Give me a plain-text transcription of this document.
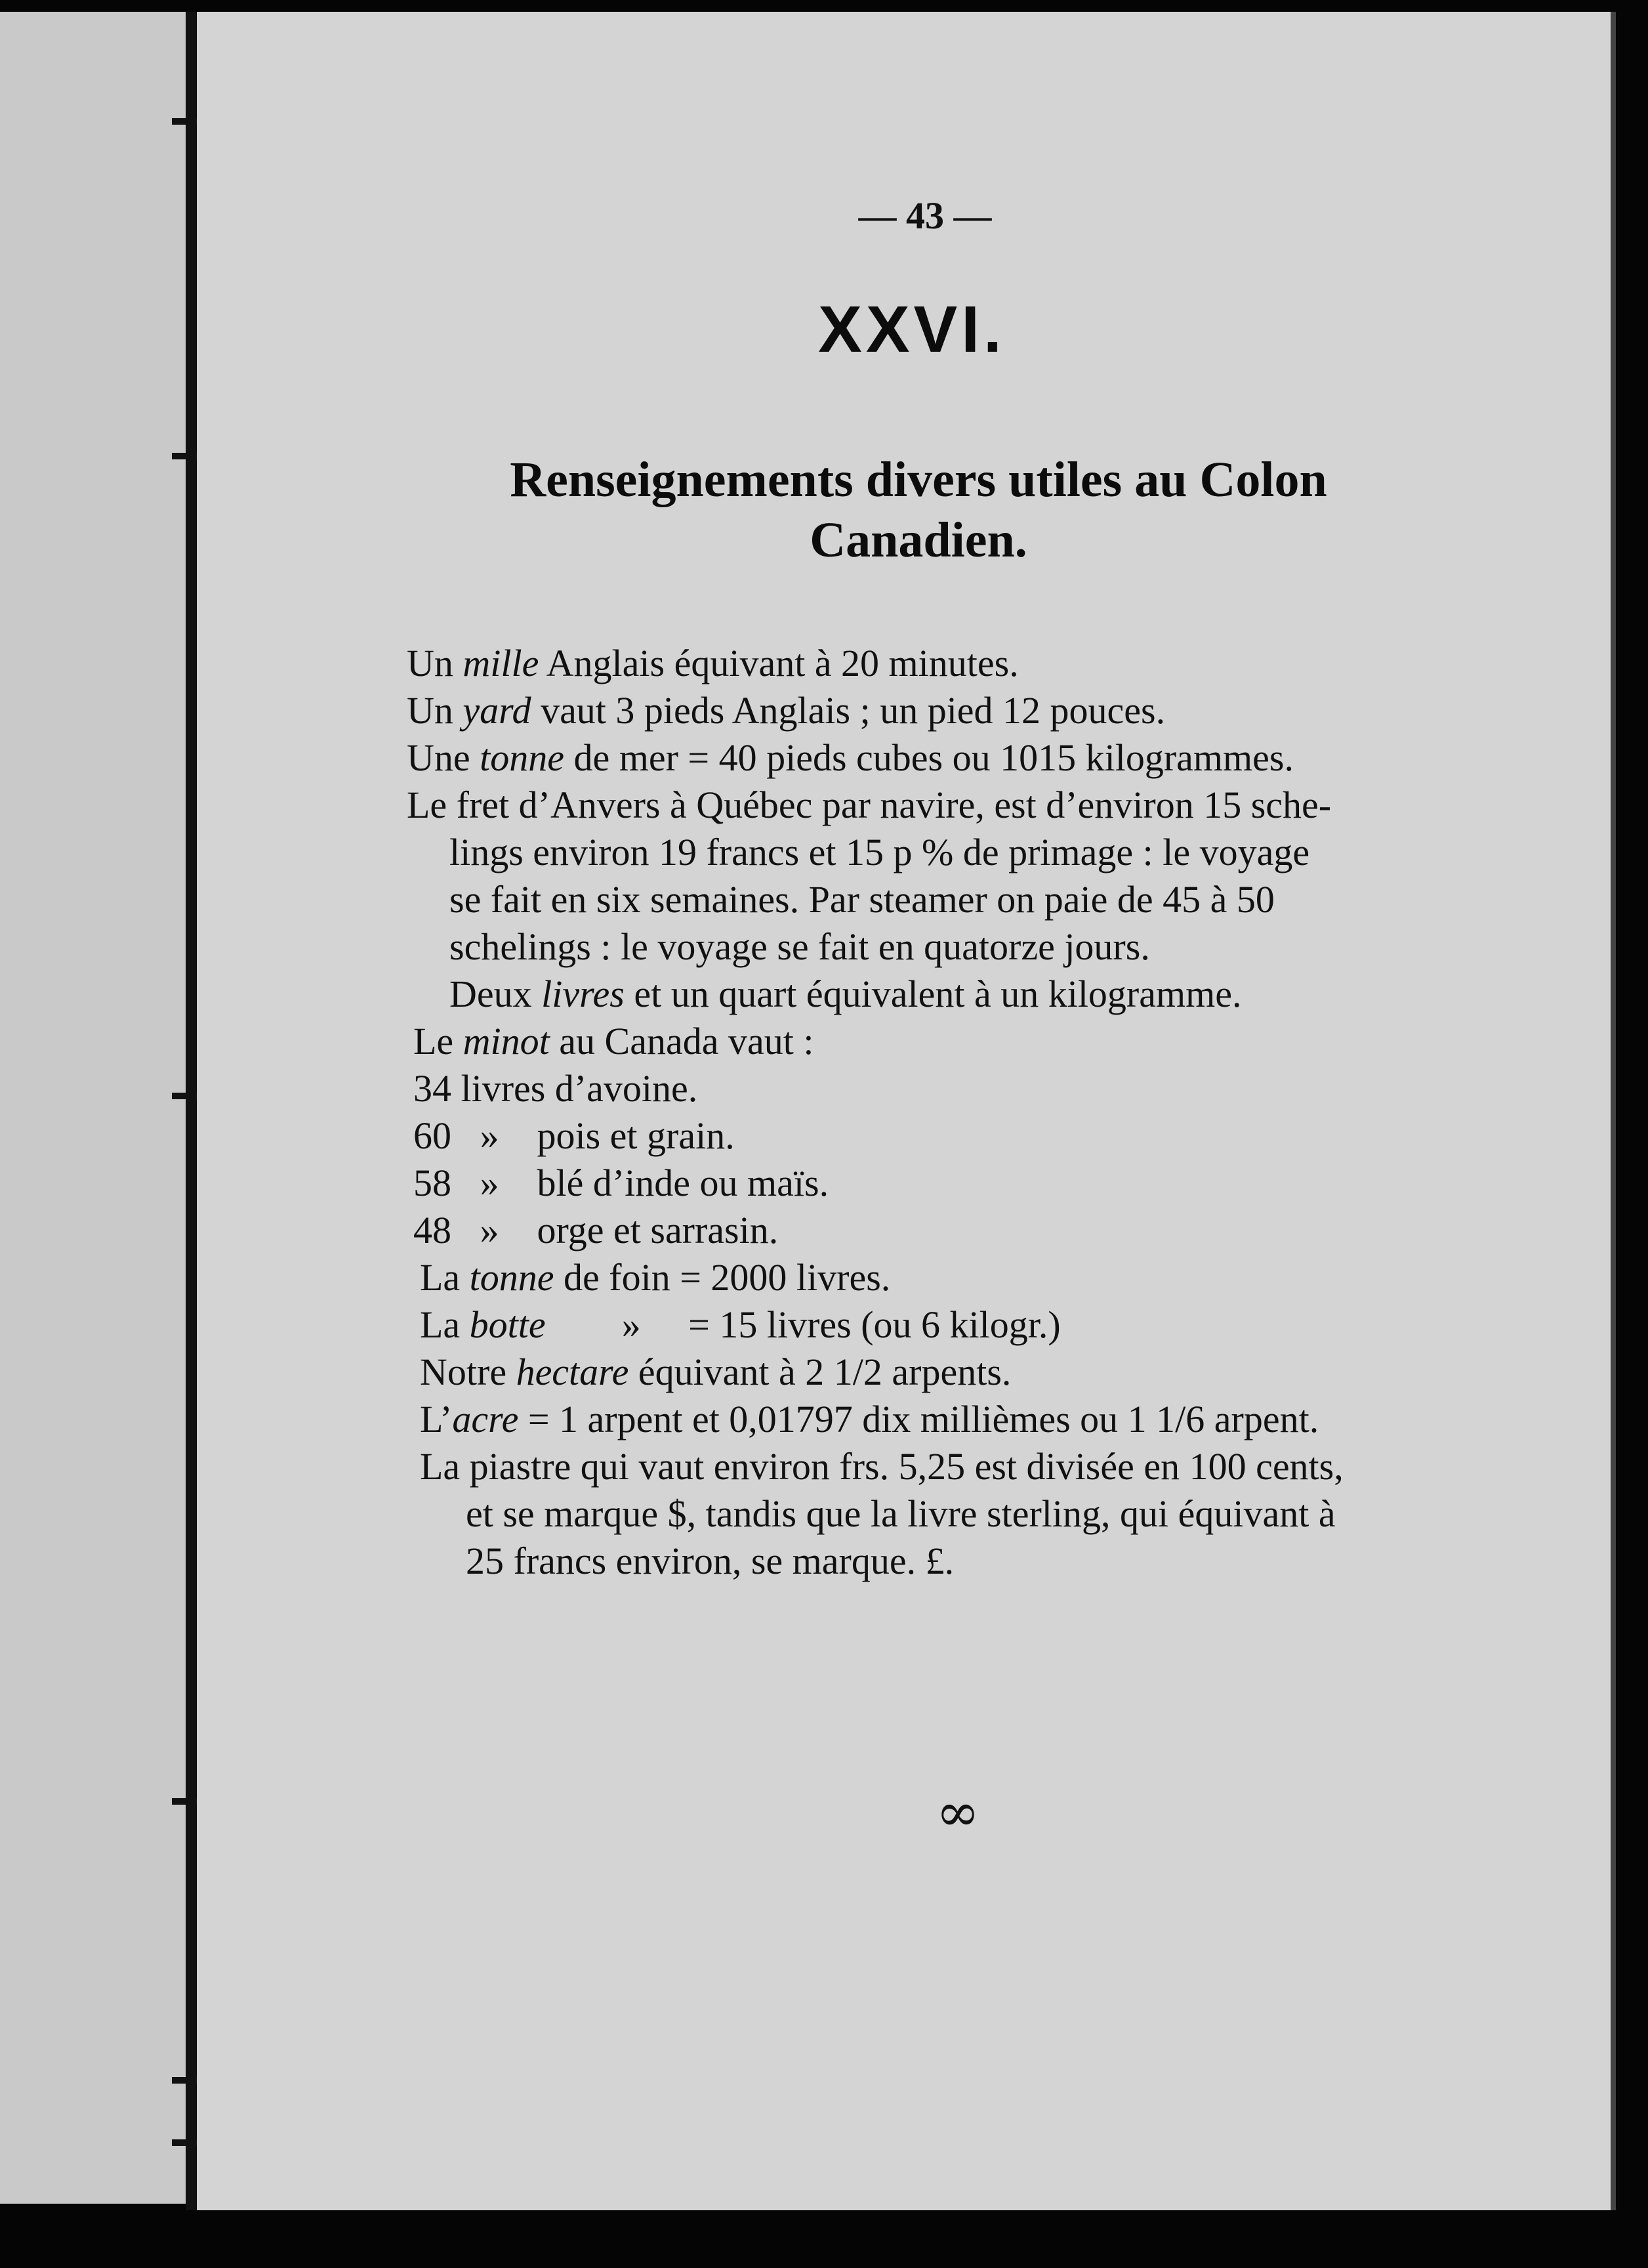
— 43 —
XXVI.
Renseignements divers utiles au Colon
Canadien.
Un mille Anglais équivant à 20 minutes.
Un yard vaut 3 pieds Anglais ; un pied 12 pouces.
Une tonne de mer = 40 pieds cubes ou 1015 kilogrammes.
Le fret d’Anvers à Québec par navire, est d’environ 15 sche-
lings environ 19 francs et 15 p % de primage : le voyage
se fait en six semaines. Par steamer on paie de 45 à 50
schelings : le voyage se fait en quatorze jours.
Deux livres et un quart équivalent à un kilogramme.
Le minot au Canada vaut :
34 livres d’avoine.
60   »    pois et grain.
58   »    blé d’inde ou maïs.
48   »    orge et sarrasin.
La tonne de foin = 2000 livres.
La botte        »     = 15 livres (ou 6 kilogr.)
Notre hectare équivant à 2 1/2 arpents.
L’acre = 1 arpent et 0,01797 dix millièmes ou 1 1/6 arpent.
La piastre qui vaut environ frs. 5,25 est divisée en 100 cents,
et se marque $, tandis que la livre sterling, qui équivant à
25 francs environ, se marque. £.
∞
